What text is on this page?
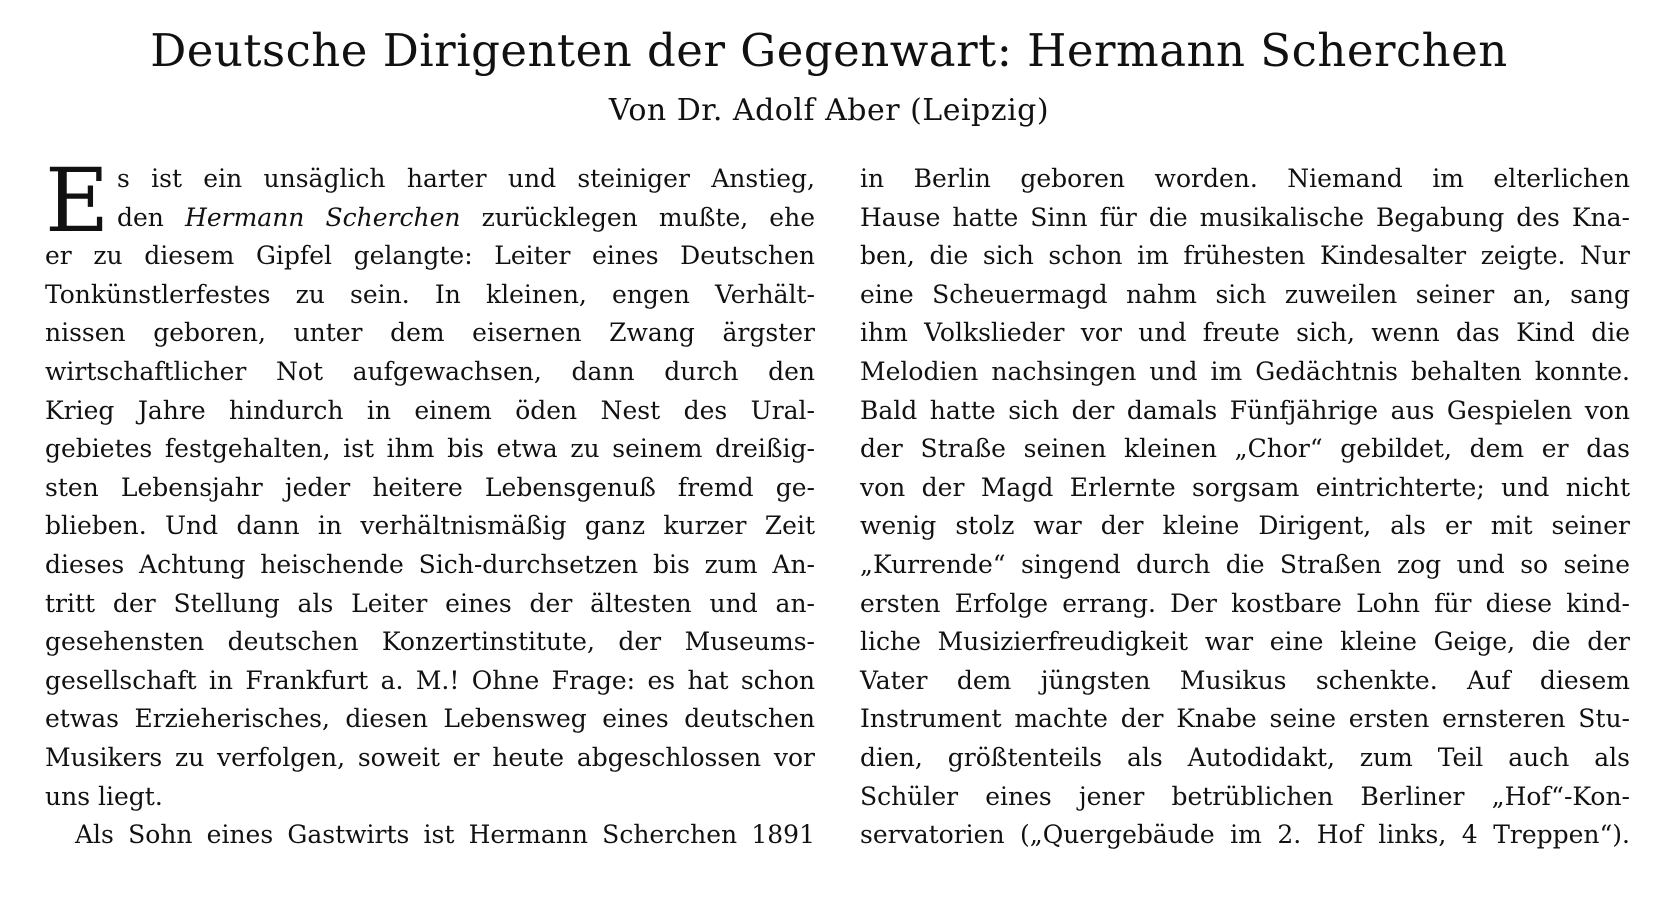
Deutsche Dirigenten der Gegenwart: Hermann Scherchen
Von Dr. Adolf Aber (Leipzig)
E s ist ein unsäglich harter und steiniger Anstieg,
den Hermann Scherchen zurücklegen mußte, ehe
er zu diesem Gipfel gelangte: Leiter eines Deutschen
Tonkünstlerfestes zu sein. In kleinen, engen Verhält-
nissen geboren, unter dem eisernen Zwang ärgster
wirtschaftlicher Not aufgewachsen, dann durch den
Krieg Jahre hindurch in einem öden Nest des Ural-
gebietes festgehalten, ist ihm bis etwa zu seinem dreißig-
sten Lebensjahr jeder heitere Lebensgenuß fremd ge-
blieben. Und dann in verhältnismäßig ganz kurzer Zeit
dieses Achtung heischende Sich-durchsetzen bis zum An-
tritt der Stellung als Leiter eines der ältesten und an-
gesehensten deutschen Konzertinstitute, der Museums-
gesellschaft in Frankfurt a. M.! Ohne Frage: es hat schon
etwas Erzieherisches, diesen Lebensweg eines deutschen
Musikers zu verfolgen, soweit er heute abgeschlossen vor
uns liegt.
Als Sohn eines Gastwirts ist Hermann Scherchen 1891
in Berlin geboren worden. Niemand im elterlichen
Hause hatte Sinn für die musikalische Begabung des Kna-
ben, die sich schon im frühesten Kindesalter zeigte. Nur
eine Scheuermagd nahm sich zuweilen seiner an, sang
ihm Volkslieder vor und freute sich, wenn das Kind die
Melodien nachsingen und im Gedächtnis behalten konnte.
Bald hatte sich der damals Fünfjährige aus Gespielen von
der Straße seinen kleinen „Chor“ gebildet, dem er das
von der Magd Erlernte sorgsam eintrichterte; und nicht
wenig stolz war der kleine Dirigent, als er mit seiner
„Kurrende“ singend durch die Straßen zog und so seine
ersten Erfolge errang. Der kostbare Lohn für diese kind-
liche Musizierfreudigkeit war eine kleine Geige, die der
Vater dem jüngsten Musikus schenkte. Auf diesem
Instrument machte der Knabe seine ersten ernsteren Stu-
dien, größtenteils als Autodidakt, zum Teil auch als
Schüler eines jener betrüblichen Berliner „Hof“-Kon-
servatorien („Quergebäude im 2. Hof links, 4 Treppen“).
